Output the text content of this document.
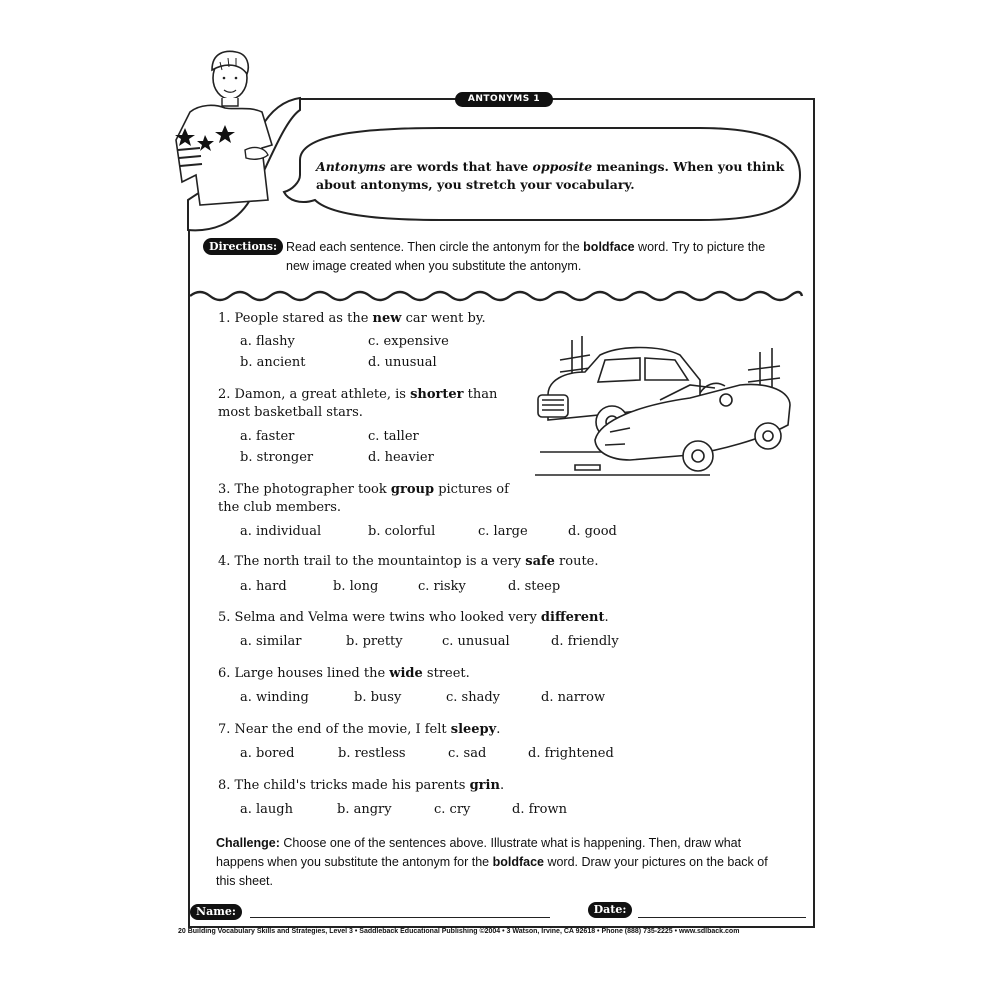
ANTONYMS 1
Antonyms are words that have opposite meanings. When you think about antonyms, you stretch your vocabulary.
Directions: Read each sentence. Then circle the antonym for the boldface word. Try to picture the new image created when you substitute the antonym.
1. People stared as the new car went by.
a. flashy	c. expensive
b. ancient	d. unusual
2. Damon, a great athlete, is shorter than most basketball stars.
a. faster	c. taller
b. stronger	d. heavier
3. The photographer took group pictures of the club members.
a. individual	b. colorful	c. large	d. good
4. The north trail to the mountaintop is a very safe route.
a. hard	b. long	c. risky	d. steep
5. Selma and Velma were twins who looked very different.
a. similar	b. pretty	c. unusual	d. friendly
6. Large houses lined the wide street.
a. winding	b. busy	c. shady	d. narrow
7. Near the end of the movie, I felt sleepy.
a. bored	b. restless	c. sad	d. frightened
8. The child's tricks made his parents grin.
a. laugh	b. angry	c. cry	d. frown
Challenge: Choose one of the sentences above. Illustrate what is happening. Then, draw what happens when you substitute the antonym for the boldface word. Draw your pictures on the back of this sheet.
Name:	Date:
20 Building Vocabulary Skills and Strategies, Level 3 • Saddleback Educational Publishing ©2004 • 3 Watson, Irvine, CA 92618 • Phone (888) 735-2225 • www.sdlback.com
